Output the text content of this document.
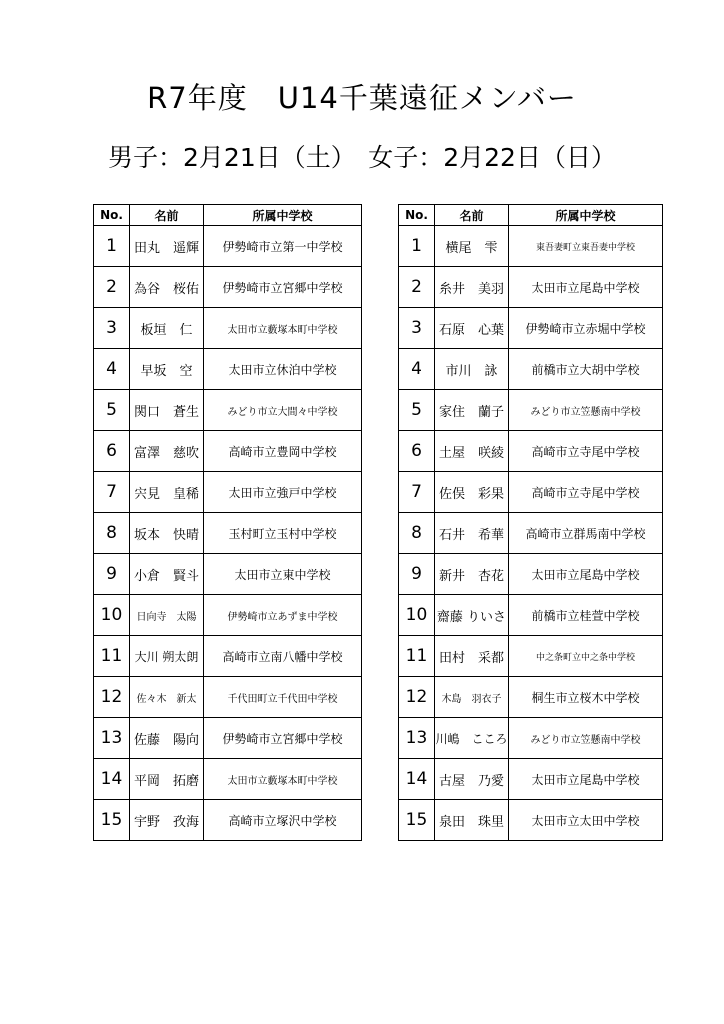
R7年度　U14千葉遠征メンバー
男子：2月21日（土）　女子：2月22日（日）
No.	名前	所属中学校
1	田丸　遥輝	伊勢崎市立第一中学校
2	為谷　桜佑	伊勢崎市立宮郷中学校
3	板垣　仁	太田市立藪塚本町中学校
4	早坂　空	太田市立休泊中学校
5	関口　蒼生	みどり市立大間々中学校
6	富澤　慈吹	高崎市立豊岡中学校
7	宍見　皇稀	太田市立強戸中学校
8	坂本　快晴	玉村町立玉村中学校
9	小倉　賢斗	太田市立東中学校
10	日向寺　太陽	伊勢崎市立あずま中学校
11	大川 朔太朗	高崎市立南八幡中学校
12	佐々木　新太	千代田町立千代田中学校
13	佐藤　陽向	伊勢崎市立宮郷中学校
14	平岡　拓磨	太田市立藪塚本町中学校
15	宇野　孜海	高崎市立塚沢中学校
No.	名前	所属中学校
1	横尾　雫	東吾妻町立東吾妻中学校
2	糸井　美羽	太田市立尾島中学校
3	石原　心葉	伊勢崎市立赤堀中学校
4	市川　詠	前橋市立大胡中学校
5	家住　蘭子	みどり市立笠懸南中学校
6	土屋　咲綾	高崎市立寺尾中学校
7	佐俣　彩果	高崎市立寺尾中学校
8	石井　希華	高崎市立群馬南中学校
9	新井　杏花	太田市立尾島中学校
10	齋藤 りいさ	前橋市立桂萱中学校
11	田村　采都	中之条町立中之条中学校
12	木島　羽衣子	桐生市立桜木中学校
13	川嶋　こころ	みどり市立笠懸南中学校
14	古屋　乃愛	太田市立尾島中学校
15	泉田　珠里	太田市立太田中学校
